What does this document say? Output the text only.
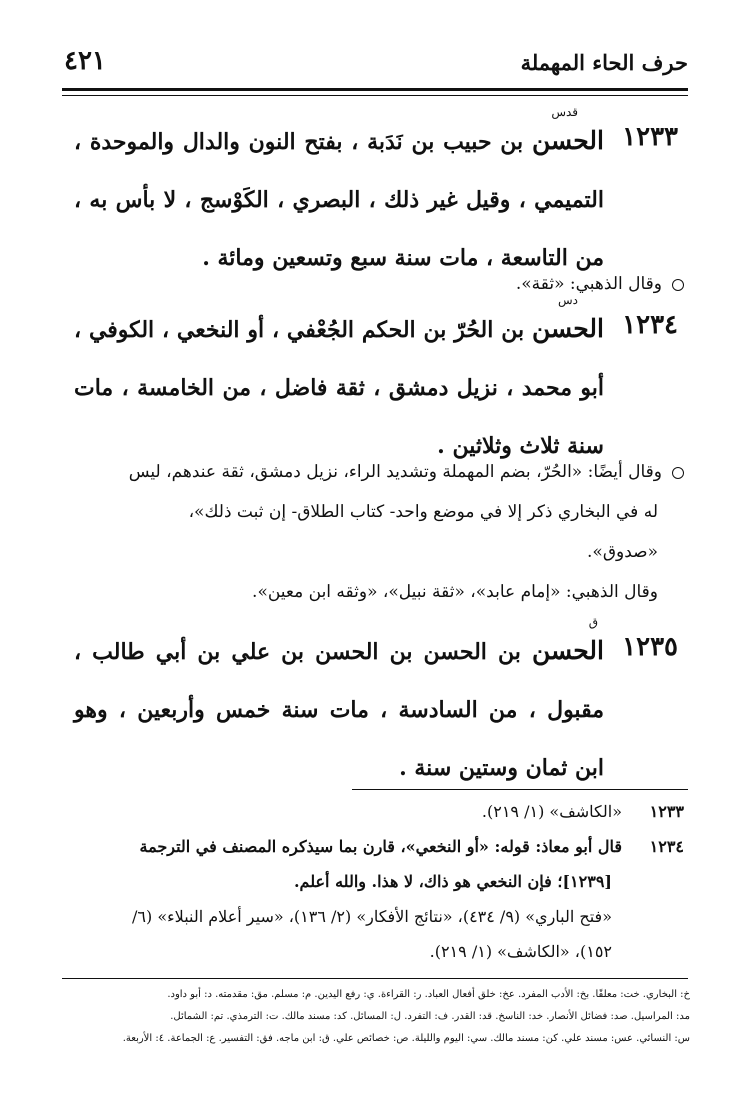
٤٢١	حرف الحاء المهملة
١٢٣٣
قدس
الحسن بن حبيب بن نَدَبة ، بفتح النون والدال والموحدة ، التميمي ، وقيل غير ذلك ، البصري ، الكَوْسج ، لا بأس به ، من التاسعة ، مات سنة سبع وتسعين ومائة .
وقال الذهبي: «ثقة».
١٢٣٤
دس
الحسن بن الحُرّ بن الحكم الجُعْفي ، أو النخعي ، الكوفي ، أبو محمد ، نزيل دمشق ، ثقة فاضل ، من الخامسة ، مات سنة ثلاث وثلاثين .
وقال أيضًا: «الحُرّ، بضم المهملة وتشديد الراء، نزيل دمشق، ثقة عندهم، ليس
له في البخاري ذكر إلا في موضع واحد- كتاب الطلاق- إن ثبت ذلك»،
«صدوق».
وقال الذهبي: «إمام عابد»، «ثقة نبيل»، «وثقه ابن معين».
١٢٣٥
ق
الحسن بن الحسن بن الحسن بن علي بن أبي طالب ، مقبول ، من السادسة ، مات سنة خمس وأربعين ، وهو ابن ثمان وستين سنة .
١٢٣٣«الكاشف» (١/ ٢١٩).
١٢٣٤قال أبو معاذ: قوله: «أو النخعي»، قارن بما سيذكره المصنف في الترجمة
[١٢٣٩]؛ فإن النخعي هو ذاك، لا هذا. والله أعلم.
«فتح الباري» (٩/ ٤٣٤)، «نتائج الأفكار» (٢/ ١٣٦)، «سير أعلام النبلاء» (٦/
١٥٢)، «الكاشف» (١/ ٢١٩).
خ: البخاري. خت: معلقًا. بخ: الأدب المفرد. عخ: خلق أفعال العباد. ر: القراءة. ي: رفع اليدين. م: مسلم. مق: مقدمته. د: أبو داود.
مد: المراسيل. صد: فضائل الأنصار. خد: الناسخ. قد: القدر. ف: التفرد. ل: المسائل. كد: مسند مالك. ت: الترمذي. تم: الشمائل.
س: النسائي. عس: مسند علي. كن: مسند مالك. سي: اليوم والليلة. ص: خصائص علي. ق: ابن ماجه. فق: التفسير. ع: الجماعة. ٤: الأربعة.
